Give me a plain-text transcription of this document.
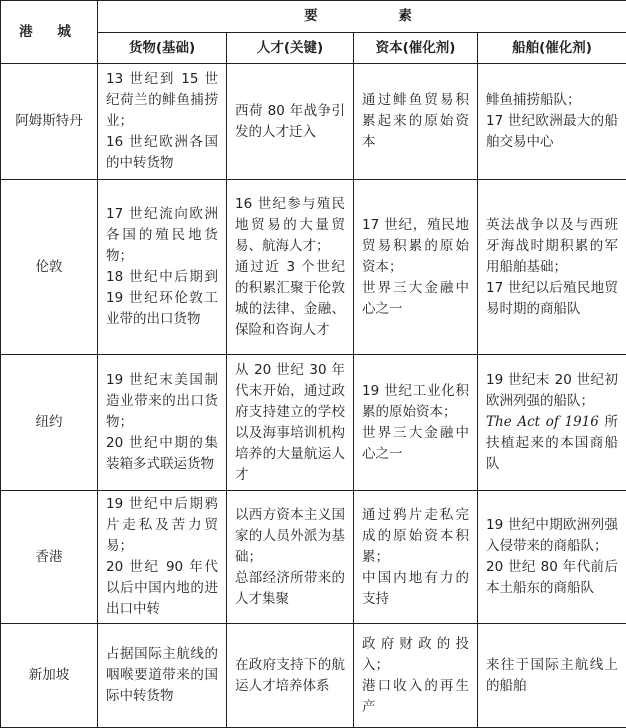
港 城	要 素			
	货物(基础)	人才(关键)	资本(催化剂)	船舶(催化剂)
阿姆斯特丹	13 世纪到 15 世纪荷兰的鲱鱼捕捞业；
16 世纪欧洲各国的中转货物	西荷 80 年战争引发的人才迁入	通过鲱鱼贸易积累起来的原始资本	鲱鱼捕捞船队；
17 世纪欧洲最大的船舶交易中心

伦敦	17 世纪流向欧洲各国的殖民地货物；
18 世纪中后期到 19 世纪环伦敦工业带的出口货物	16 世纪参与殖民地贸易的大量贸易、航海人才；
通过近 3 个世纪的积累汇聚于伦敦城的法律、金融、保险和咨询人才	17 世纪，殖民地贸易积累的原始资本；
世界三大金融中心之一	英法战争以及与西班牙海战时期积累的军用船舶基础；
17 世纪以后殖民地贸易时期的商船队

纽约	19 世纪末美国制造业带来的出口货物；
20 世纪中期的集装箱多式联运货物	从 20 世纪 30 年代末开始，通过政府支持建立的学校以及海事培训机构培养的大量航运人才	19 世纪工业化积累的原始资本；
世界三大金融中心之一	19 世纪末 20 世纪初欧洲列强的船队；
The Act of 1916 所扶植起来的本国商船队

香港	19 世纪中后期鸦片走私及苦力贸易；
20 世纪 90 年代以后中国内地的进出口中转	以西方资本主义国家的人员外派为基础；
总部经济所带来的人才集聚	通过鸦片走私完成的原始资本积累；
中国内地有力的支持	19 世纪中期欧洲列强入侵带来的商船队；
20 世纪 80 年代前后本土船东的商船队

新加坡	占据国际主航线的咽喉要道带来的国际中转货物	在政府支持下的航运人才培养体系	政府财政的投入；
港口收入的再生产	来往于国际主航线上的船舶
